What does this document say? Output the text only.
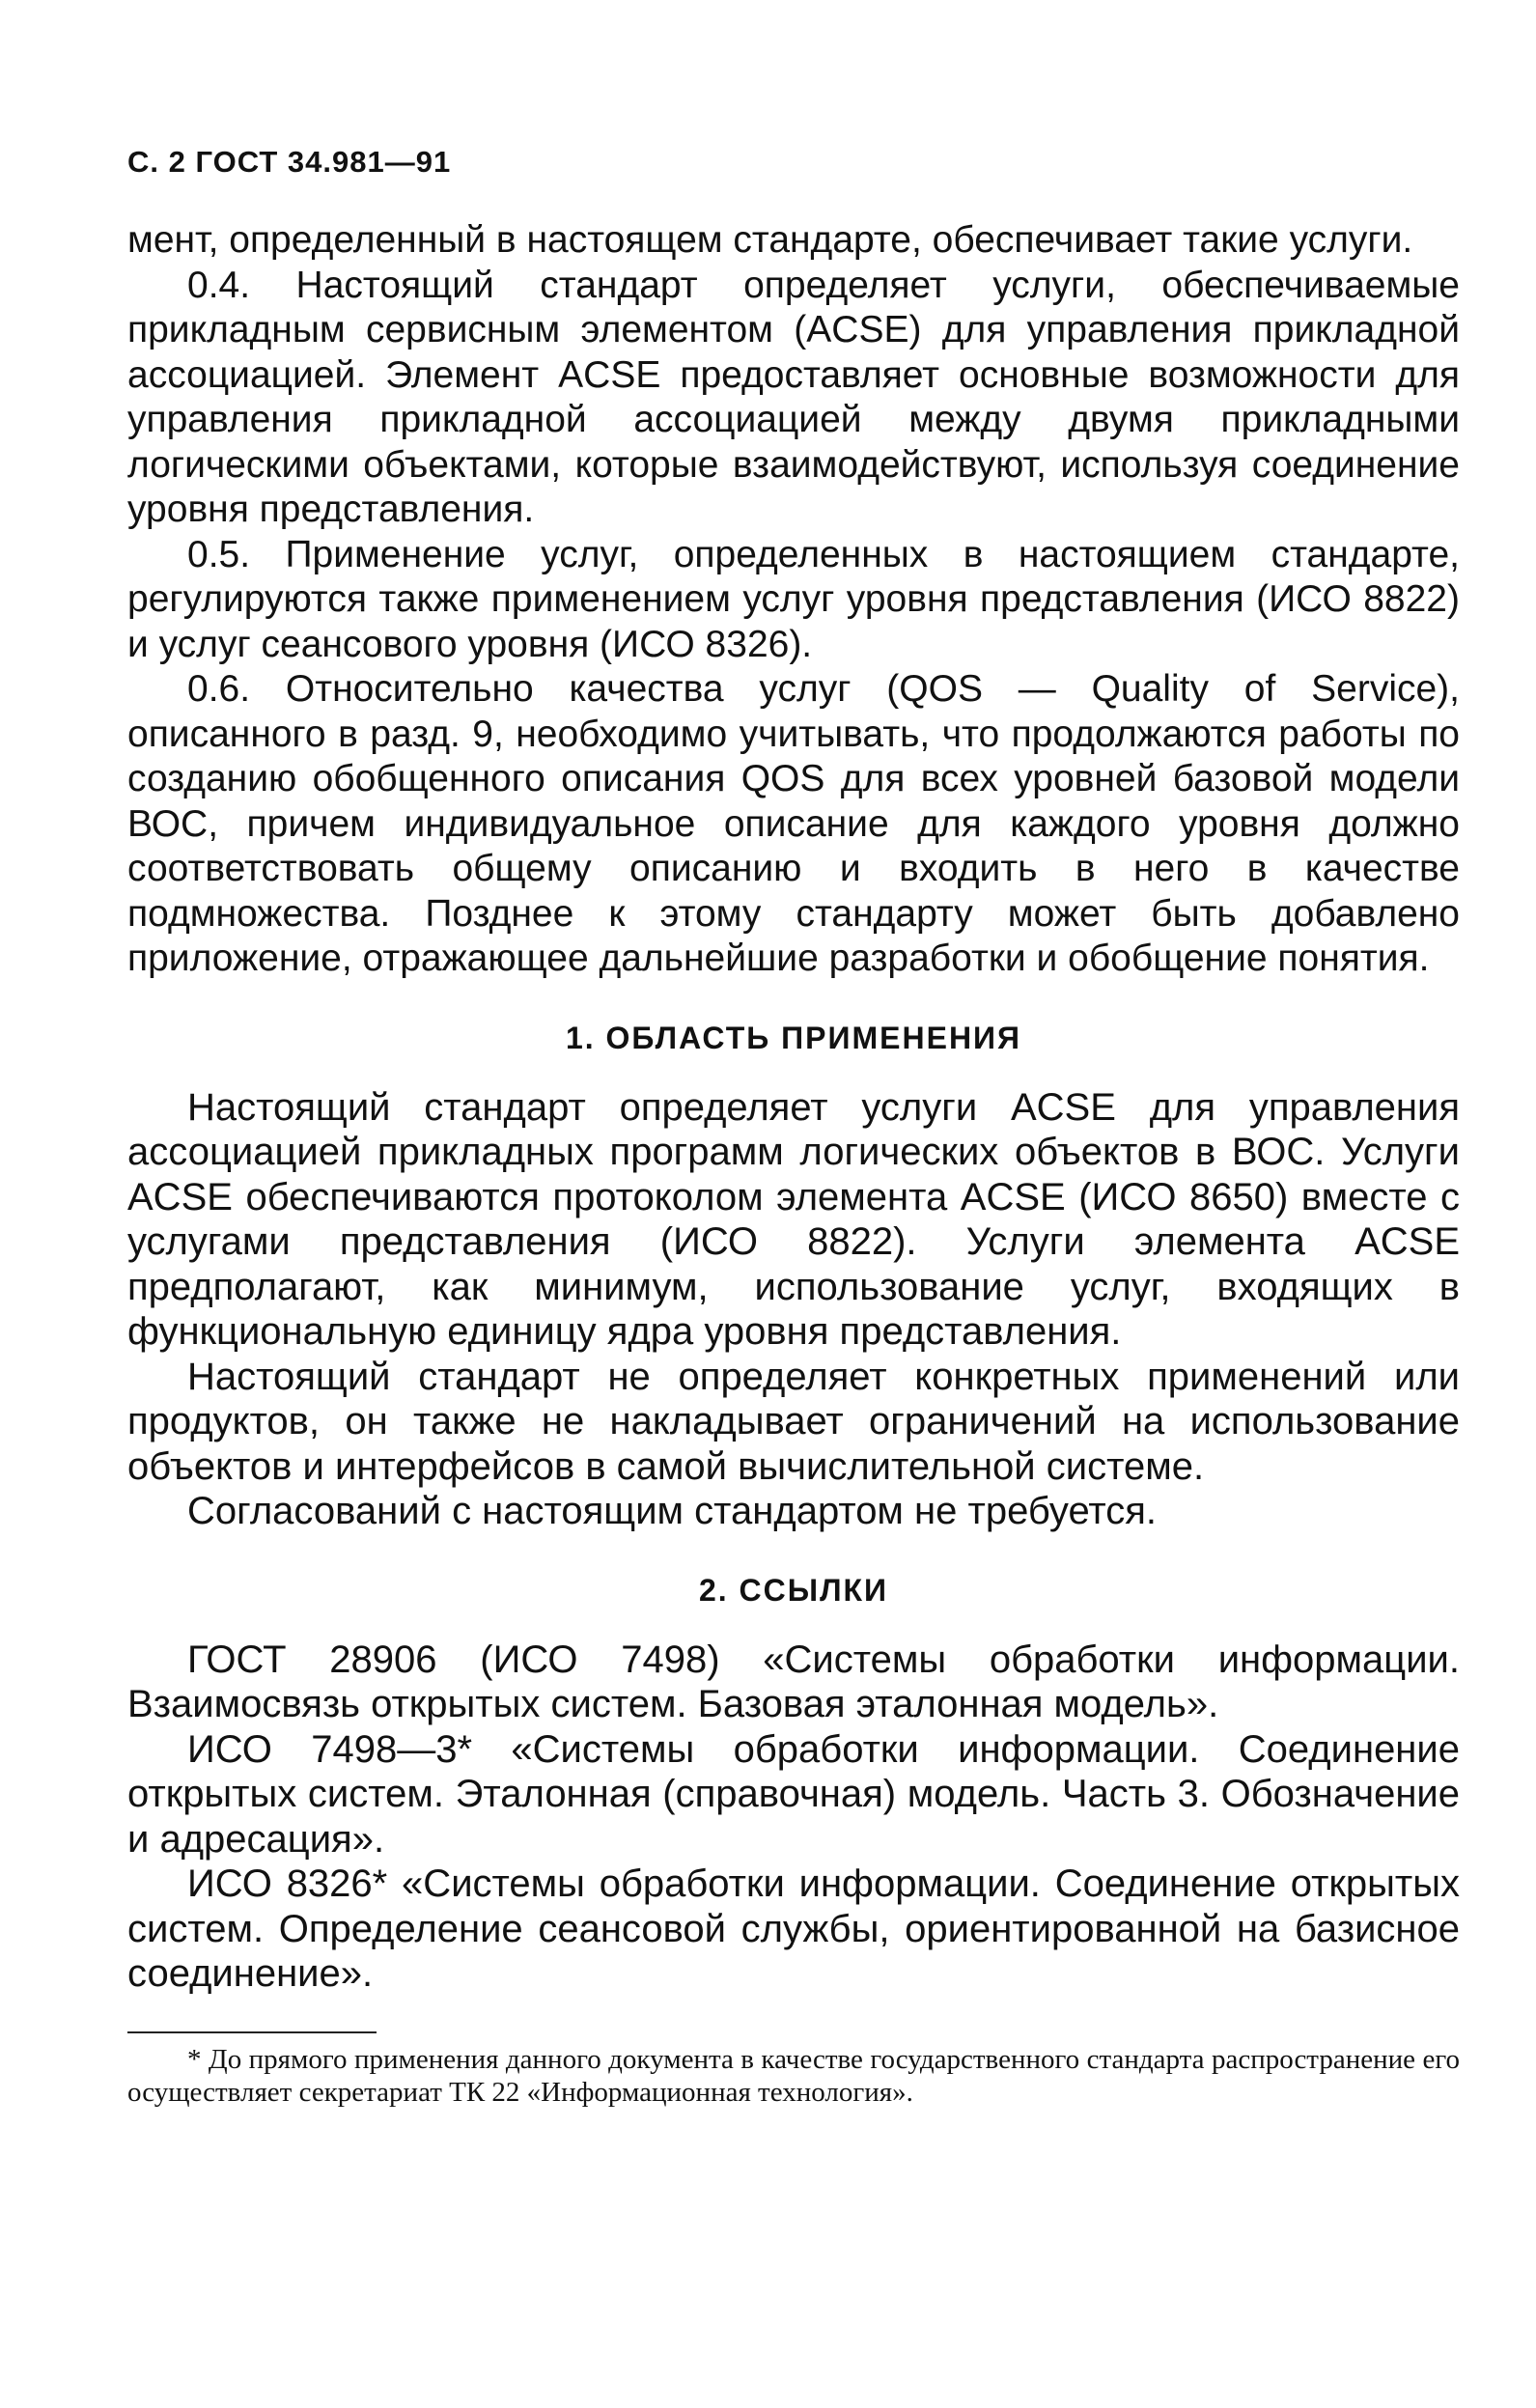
С. 2 ГОСТ 34.981—91

мент, определенный в настоящем стандарте, обеспечивает такие услуги.

0.4. Настоящий стандарт определяет услуги, обеспечиваемые прикладным сервисным элементом (ACSE) для управления прикладной ассоциацией. Элемент ACSE предоставляет основные возможности для управления прикладной ассоциацией между двумя прикладными логическими объектами, которые взаимодействуют, используя соединение уровня представления.

0.5. Применение услуг, определенных в настоящием стандарте, регулируются также применением услуг уровня представления (ИСО 8822) и услуг сеансового уровня (ИСО 8326).

0.6. Относительно качества услуг (QOS — Quality of Service), описанного в разд. 9, необходимо учитывать, что продолжаются работы по созданию обобщенного описания QOS для всех уровней базовой модели ВОС, причем индивидуальное описание для каждого уровня должно соответствовать общему описанию и входить в него в качестве подмножества. Позднее к этому стандарту может быть добавлено приложение, отражающее дальнейшие разработки и обобщение понятия.

1. ОБЛАСТЬ ПРИМЕНЕНИЯ

Настоящий стандарт определяет услуги ACSE для управления ассоциацией прикладных программ логических объектов в ВОС. Услуги ACSE обеспечиваются протоколом элемента ACSE (ИСО 8650) вместе с услугами представления (ИСО 8822). Услуги элемента ACSE предполагают, как минимум, использование услуг, входящих в функциональную единицу ядра уровня представления.

Настоящий стандарт не определяет конкретных применений или продуктов, он также не накладывает ограничений на использование объектов и интерфейсов в самой вычислительной системе.

Согласований с настоящим стандартом не требуется.

2. ССЫЛКИ

ГОСТ 28906 (ИСО 7498) «Системы обработки информации. Взаимосвязь открытых систем. Базовая эталонная модель».

ИСО 7498—3* «Системы обработки информации. Соединение открытых систем. Эталонная (справочная) модель. Часть 3. Обозначение и адресация».

ИСО 8326* «Системы обработки информации. Соединение открытых систем. Определение сеансовой службы, ориентированной на базисное соединение».

* До прямого применения данного документа в качестве государственного стандарта распространение его осуществляет секретариат ТК 22 «Информационная технология».
